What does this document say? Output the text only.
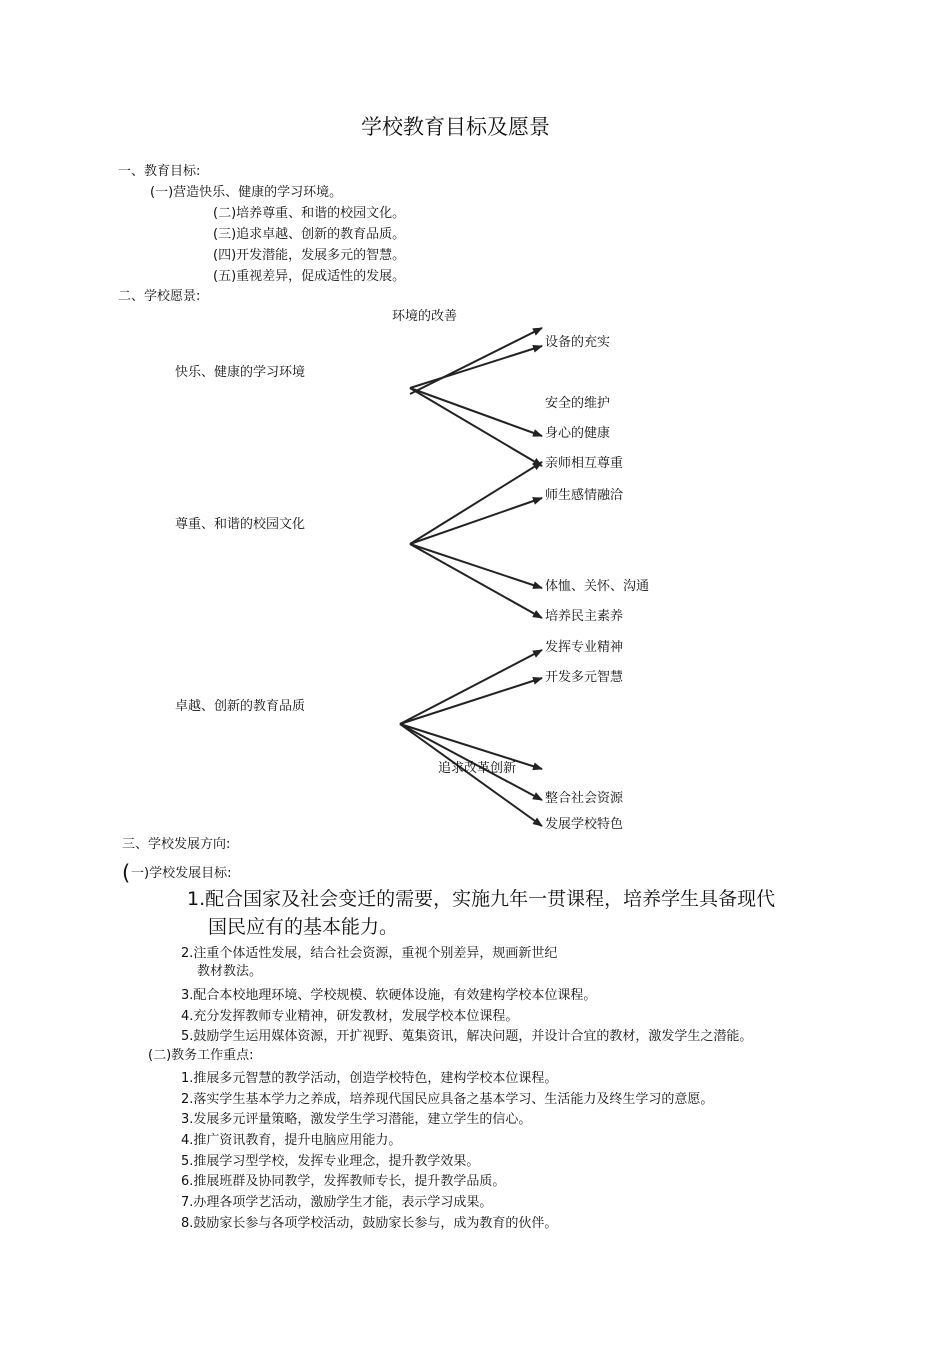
学校教育目标及愿景
一、教育目标:
(一)营造快乐、健康的学习环境。
(二)培养尊重、和谐的校园文化。
(三)追求卓越、创新的教育品质。
(四)开发潜能，发展多元的智慧。
(五)重视差异，促成适性的发展。
二、学校愿景:
环境的改善
设备的充实
快乐、健康的学习环境
安全的维护
身心的健康
亲师相互尊重
师生感情融洽
尊重、和谐的校园文化
体恤、关怀、沟通
培养民主素养
发挥专业精神
开发多元智慧
卓越、创新的教育品质
追求改革创新
整合社会资源
发展学校特色
三、学校发展方向:
( 一)学校发展目标:
1.配合国家及社会变迁的需要，实施九年一贯课程，培养学生具备现代
国民应有的基本能力。
2.注重个体适性发展，结合社会资源，重视个别差异，规画新世纪
教材教法。
3.配合本校地理环境、学校规模、软硬体设施，有效建构学校本位课程。
4.充分发挥教师专业精神，研发教材，发展学校本位课程。
5.鼓励学生运用媒体资源，开扩视野、蒐集资讯，解决问题，并设计合宜的教材，激发学生之潜能。
(二)教务工作重点:
1.推展多元智慧的教学活动，创造学校特色，建构学校本位课程。
2.落实学生基本学力之养成，培养现代国民应具备之基本学习、生活能力及终生学习的意愿。
3.发展多元评量策略，激发学生学习潜能，建立学生的信心。
4.推广资讯教育，提升电脑应用能力。
5.推展学习型学校，发挥专业理念，提升教学效果。
6.推展班群及协同教学，发挥教师专长，提升教学品质。
7.办理各项学艺活动，激励学生才能，表示学习成果。
8.鼓励家长参与各项学校活动，鼓励家长参与，成为教育的伙伴。
